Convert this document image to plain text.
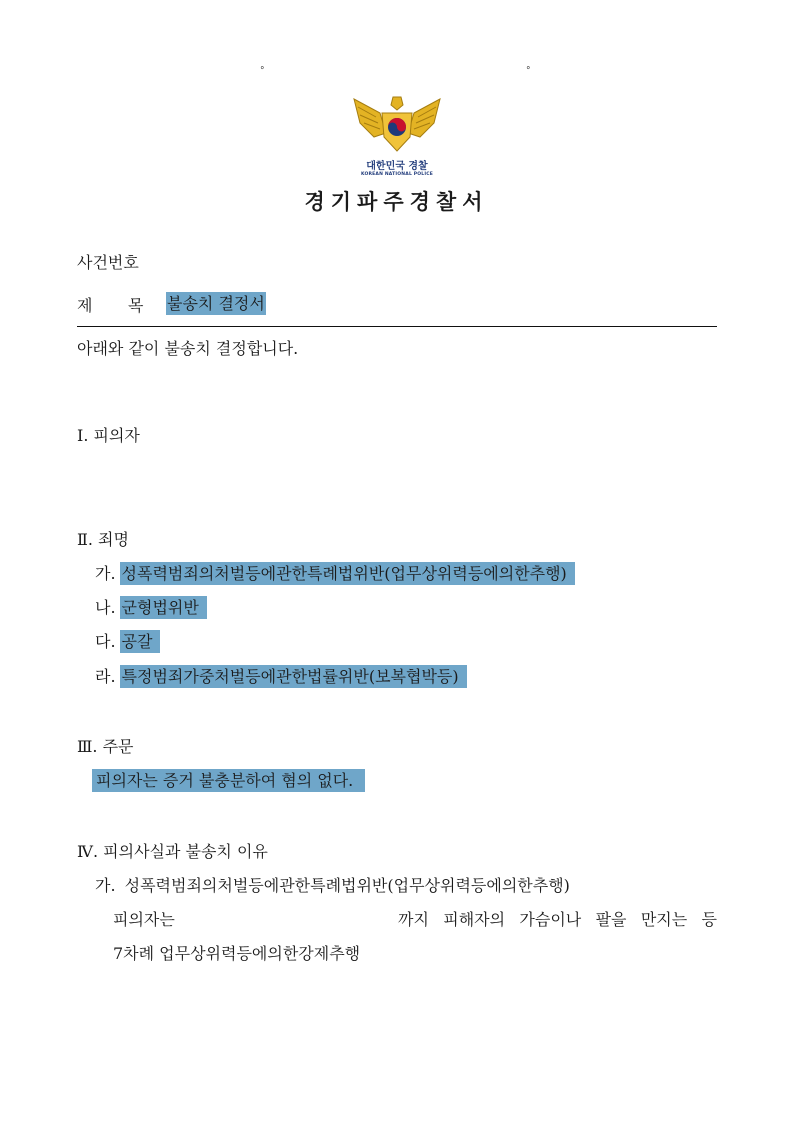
°	°
대한민국 경찰
KOREAN NATIONAL POLICE
경기파주경찰서
사건번호
제 목 불송치 결정서
아래와 같이 불송치 결정합니다.
Ⅰ. 피의자
Ⅱ. 죄명
가. 성폭력범죄의처벌등에관한특례법위반(업무상위력등에의한추행)
나. 군형법위반
다. 공갈
라. 특정범죄가중처벌등에관한법률위반(보복협박등)
Ⅲ. 주문
피의자는 증거 불충분하여 혐의 없다.
Ⅳ. 피의사실과 불송치 이유
가. 성폭력범죄의처벌등에관한특례법위반(업무상위력등에의한추행)
피의자는	까지 피해자의 가슴이나 팔을 만지는 등
7차례 업무상위력등에의한강제추행
